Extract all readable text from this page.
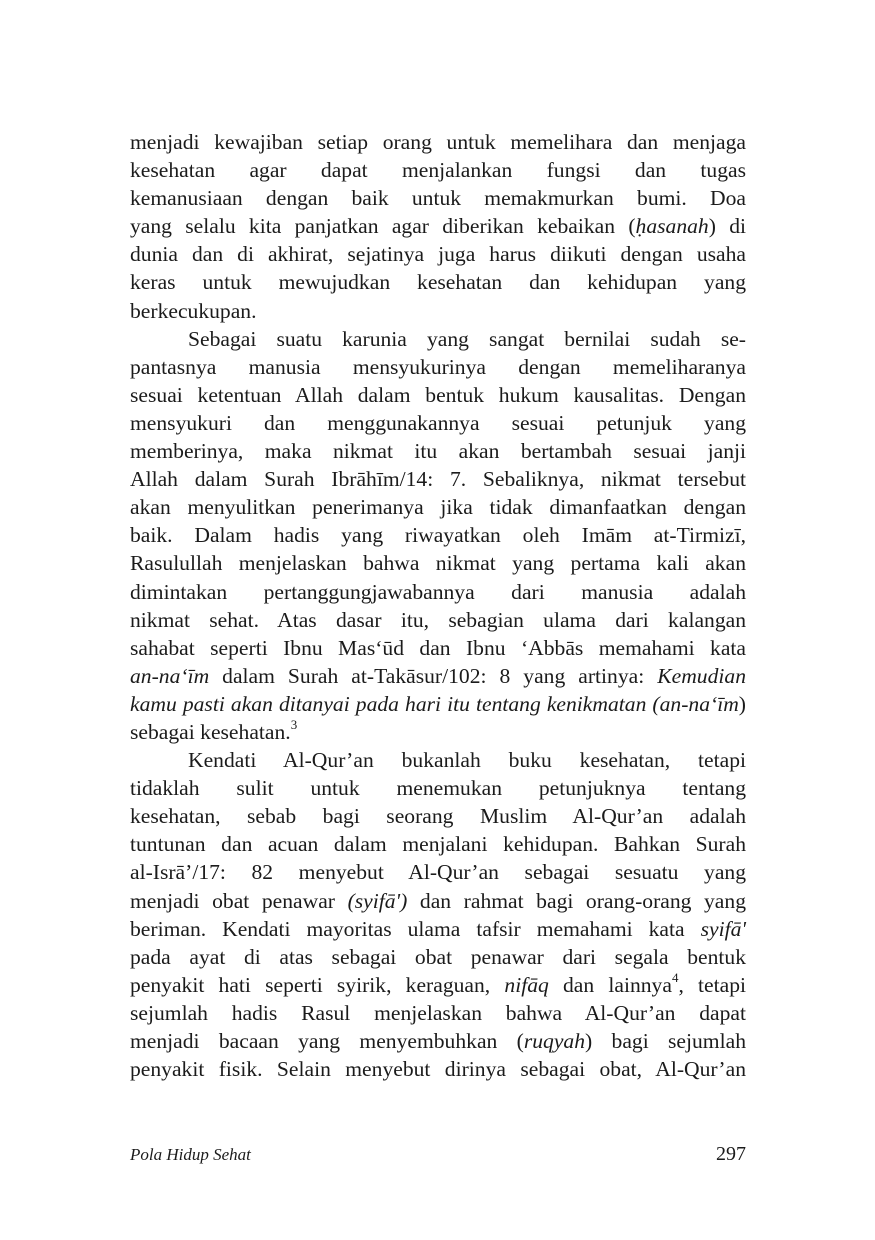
menjadi kewajiban setiap orang untuk memelihara dan menjaga
kesehatan agar dapat menjalankan fungsi dan tugas
kemanusiaan dengan baik untuk memakmurkan bumi. Doa
yang selalu kita panjatkan agar diberikan kebaikan (ḥasanah) di
dunia dan di akhirat, sejatinya juga harus diikuti dengan usaha
keras untuk mewujudkan kesehatan dan kehidupan yang
berkecukupan.
Sebagai suatu karunia yang sangat bernilai sudah se-
pantasnya manusia mensyukurinya dengan memeliharanya
sesuai ketentuan Allah dalam bentuk hukum kausalitas. Dengan
mensyukuri dan menggunakannya sesuai petunjuk yang
memberinya, maka nikmat itu akan bertambah sesuai janji
Allah dalam Surah Ibrāhīm/14: 7. Sebaliknya, nikmat tersebut
akan menyulitkan penerimanya jika tidak dimanfaatkan dengan
baik. Dalam hadis yang riwayatkan oleh Imām at-Tirmizī,
Rasulullah menjelaskan bahwa nikmat yang pertama kali akan
dimintakan pertanggungjawabannya dari manusia adalah
nikmat sehat. Atas dasar itu, sebagian ulama dari kalangan
sahabat seperti Ibnu Mas‘ūd dan Ibnu ‘Abbās memahami kata
an-na‘īm dalam Surah at-Takāsur/102: 8 yang artinya: Kemudian
kamu pasti akan ditanyai pada hari itu tentang kenikmatan (an-na‘īm)
sebagai kesehatan.$^3$
Kendati Al-Qur’an bukanlah buku kesehatan, tetapi
tidaklah sulit untuk menemukan petunjuknya tentang
kesehatan, sebab bagi seorang Muslim Al-Qur’an adalah
tuntunan dan acuan dalam menjalani kehidupan. Bahkan Surah
al-Isrā’/17: 82 menyebut Al-Qur’an sebagai sesuatu yang
menjadi obat penawar (syifā') dan rahmat bagi orang-orang yang
beriman. Kendati mayoritas ulama tafsir memahami kata syifā'
pada ayat di atas sebagai obat penawar dari segala bentuk
penyakit hati seperti syirik, keraguan, nifāq dan lainnya$^4$, tetapi
sejumlah hadis Rasul menjelaskan bahwa Al-Qur’an dapat
menjadi bacaan yang menyembuhkan (ruqyah) bagi sejumlah
penyakit fisik. Selain menyebut dirinya sebagai obat, Al-Qur’an
Pola Hidup Sehat	297
